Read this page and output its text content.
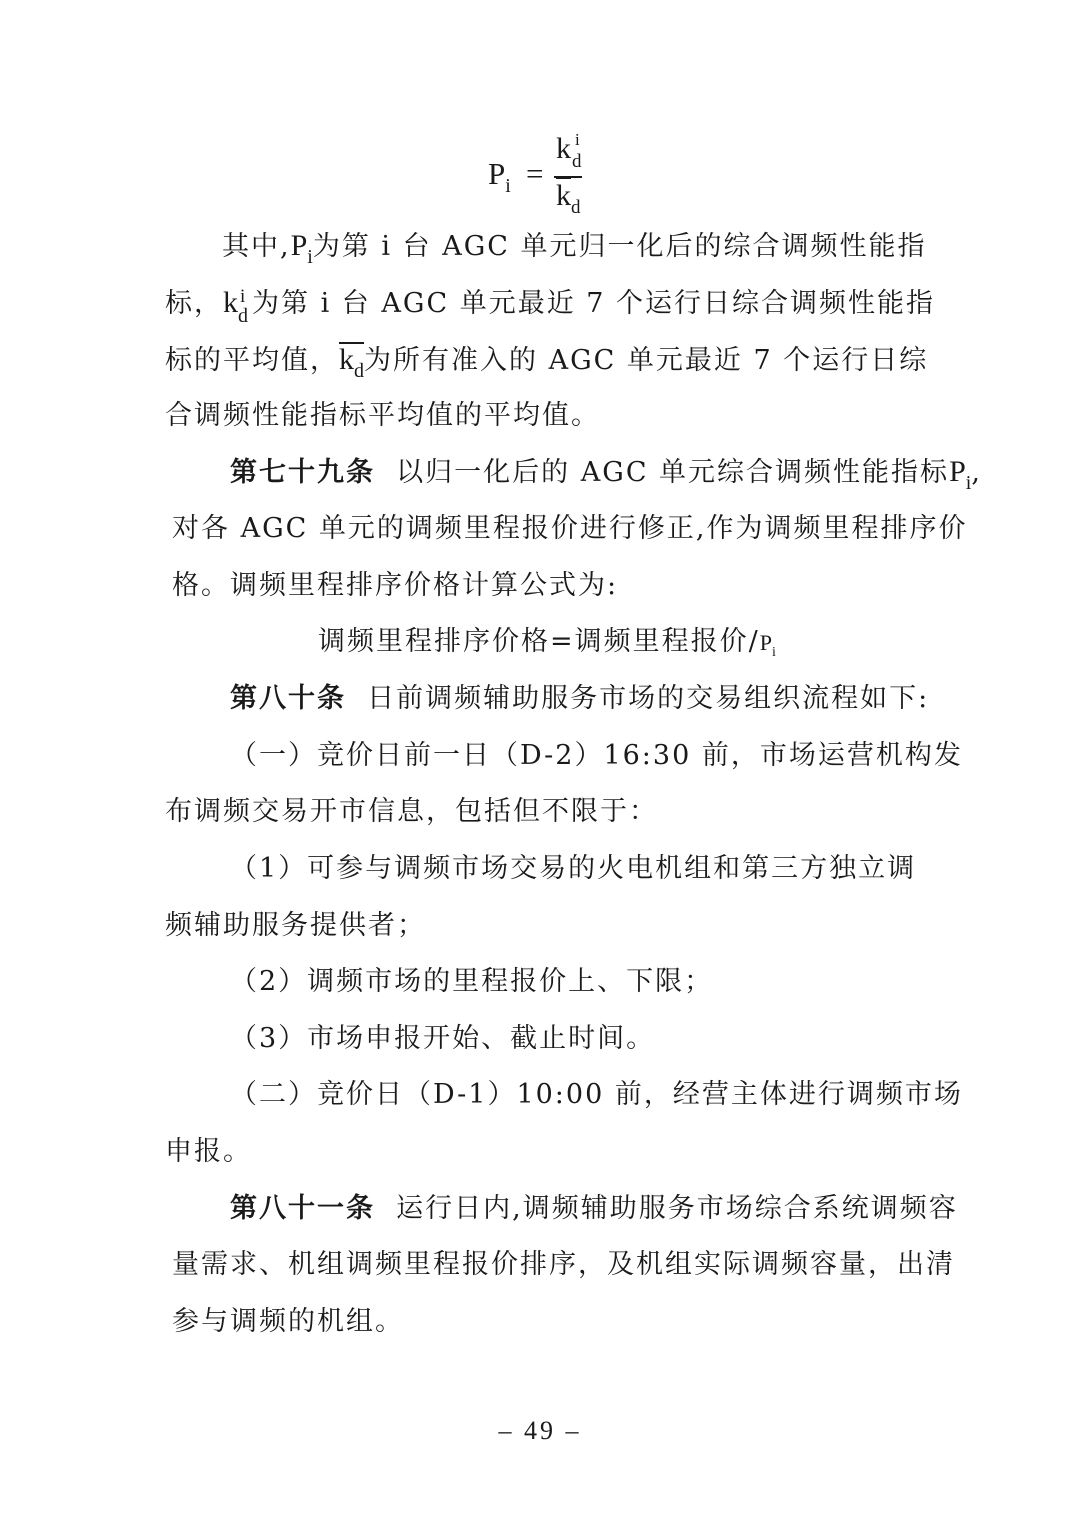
$P_i$ =
k i
d
$k_d$
其中$,P_i$为第 i 台 AGC 单元归一化后的综合调频性能指
标，k i
d 为第 i 台 AGC 单元最近 7 个运行日综合调频性能指
标的平均值，$k_d$为所有准入的 AGC 单元最近 7 个运行日综
合调频性能指标平均值的平均值。
第七十九条 以归一化后的 AGC 单元综合调频性能指标$P_i$,
对各 AGC 单元的调频里程报价进行修正,作为调频里程排序价
格。调频里程排序价格计算公式为:
调频里程排序价格=调频里程报价$/P_i$
第八十条 日前调频辅助服务市场的交易组织流程如下:
（一）竞价日前一日（D-2）16:30 前，市场运营机构发
布调频交易开市信息，包括但不限于：
（1）可参与调频市场交易的火电机组和第三方独立调
频辅助服务提供者；
（2）调频市场的里程报价上、下限；
（3）市场申报开始、截止时间。
（二）竞价日（D-1）10:00 前，经营主体进行调频市场
申报。
第八十一条 运行日内,调频辅助服务市场综合系统调频容
量需求、机组调频里程报价排序，及机组实际调频容量，出清
参与调频的机组。
– 49 –
